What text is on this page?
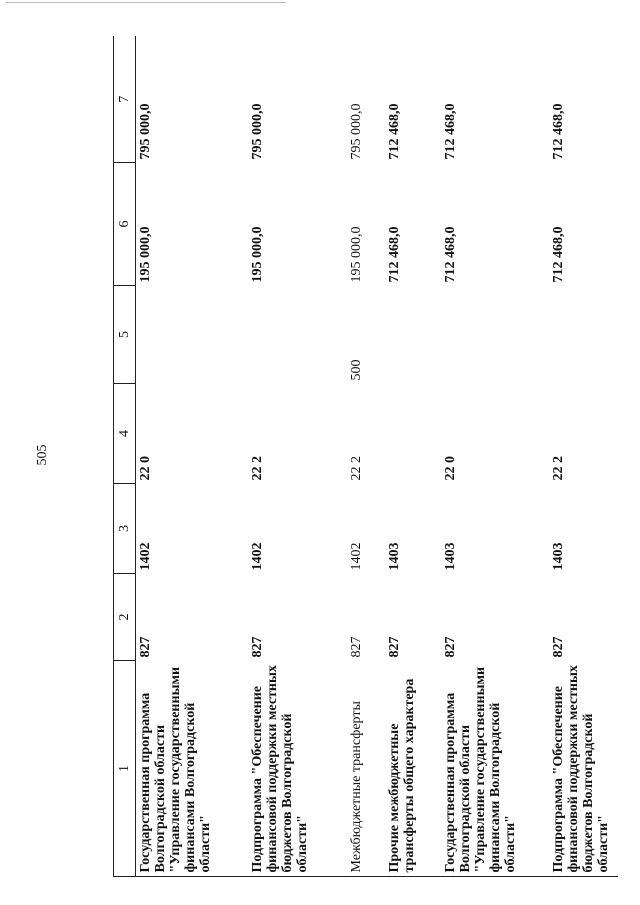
505
1	2	3	4	5	6	7
Государственная программа Волгоградской области "Управление государственными финансами Волгоградской области"	827	1402	22 0		195 000,0	795 000,0
Подпрограмма "Обеспечение финансовой поддержки местных бюджетов Волгоградской области"	827	1402	22 2		195 000,0	795 000,0
Межбюджетные трансферты	827	1402	22 2	500	195 000,0	795 000,0
Прочие межбюджетные трансферты общего характера	827	1403			712 468,0	712 468,0
Государственная программа Волгоградской области "Управление государственными финансами Волгоградской области"	827	1403	22 0		712 468,0	712 468,0
Подпрограмма "Обеспечение финансовой поддержки местных бюджетов Волгоградской области"	827	1403	22 2		712 468,0	712 468,0
